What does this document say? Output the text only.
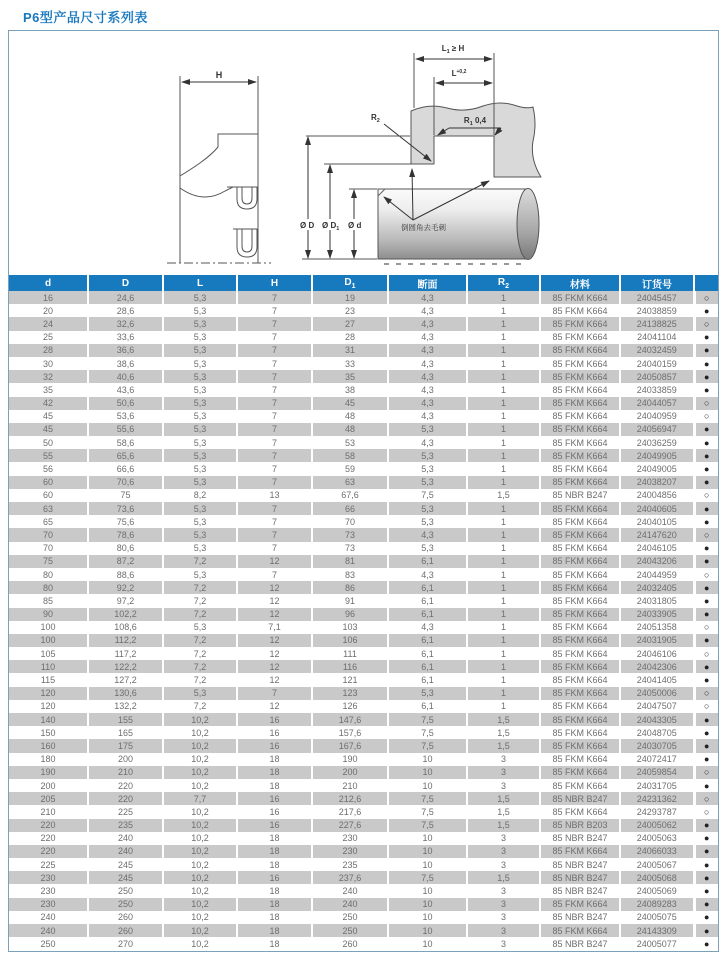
P6型产品尺寸系列表
H
$L_1 \ge H$
$L^{+0,2}$
$R_1$ 0,4
$R_2$
Ø D Ø $D_1$ Ø d	倒圆角去毛刺
d	D	L	H	$D_1$	断面	$R_2$	材料	订货号	
16	24,6	5,3	7	19	4,3	1	85 FKM K664	24045457	○
20	28,6	5,3	7	23	4,3	1	85 FKM K664	24038859	●
24	32,6	5,3	7	27	4,3	1	85 FKM K664	24138825	○
25	33,6	5,3	7	28	4,3	1	85 FKM K664	24041104	●
28	36,6	5,3	7	31	4,3	1	85 FKM K664	24032459	●
30	38,6	5,3	7	33	4,3	1	85 FKM K664	24040159	●
32	40,6	5,3	7	35	4,3	1	85 FKM K664	24050857	●
35	43,6	5,3	7	38	4,3	1	85 FKM K664	24033859	●
42	50,6	5,3	7	45	4,3	1	85 FKM K664	24044057	○
45	53,6	5,3	7	48	4,3	1	85 FKM K664	24040959	○
45	55,6	5,3	7	48	5,3	1	85 FKM K664	24056947	●
50	58,6	5,3	7	53	4,3	1	85 FKM K664	24036259	●
55	65,6	5,3	7	58	5,3	1	85 FKM K664	24049905	●
56	66,6	5,3	7	59	5,3	1	85 FKM K664	24049005	●
60	70,6	5,3	7	63	5,3	1	85 FKM K664	24038207	●
60	75	8,2	13	67,6	7,5	1,5	85 NBR B247	24004856	○
63	73,6	5,3	7	66	5,3	1	85 FKM K664	24040605	●
65	75,6	5,3	7	70	5,3	1	85 FKM K664	24040105	●
70	78,6	5,3	7	73	4,3	1	85 FKM K664	24147620	○
70	80,6	5,3	7	73	5,3	1	85 FKM K664	24046105	●
75	87,2	7,2	12	81	6,1	1	85 FKM K664	24043206	●
80	88,6	5,3	7	83	4,3	1	85 FKM K664	24044959	○
80	92,2	7,2	12	86	6,1	1	85 FKM K664	24032405	●
85	97,2	7,2	12	91	6,1	1	85 FKM K664	24031805	●
90	102,2	7,2	12	96	6,1	1	85 FKM K664	24033905	●
100	108,6	5,3	7,1	103	4,3	1	85 FKM K664	24051358	○
100	112,2	7,2	12	106	6,1	1	85 FKM K664	24031905	●
105	117,2	7,2	12	111	6,1	1	85 FKM K664	24046106	○
110	122,2	7,2	12	116	6,1	1	85 FKM K664	24042306	●
115	127,2	7,2	12	121	6,1	1	85 FKM K664	24041405	●
120	130,6	5,3	7	123	5,3	1	85 FKM K664	24050006	○
120	132,2	7,2	12	126	6,1	1	85 FKM K664	24047507	○
140	155	10,2	16	147,6	7,5	1,5	85 FKM K664	24043305	●
150	165	10,2	16	157,6	7,5	1,5	85 FKM K664	24048705	●
160	175	10,2	16	167,6	7,5	1,5	85 FKM K664	24030705	●
180	200	10,2	18	190	10	3	85 FKM K664	24072417	●
190	210	10,2	18	200	10	3	85 FKM K664	24059854	○
200	220	10,2	18	210	10	3	85 FKM K664	24031705	●
205	220	7,7	16	212,6	7,5	1,5	85 NBR B247	24231362	○
210	225	10,2	16	217,6	7,5	1,5	85 FKM K664	24293787	○
220	235	10,2	16	227,6	7,5	1,5	85 NBR B203	24005062	●
220	240	10,2	18	230	10	3	85 NBR B247	24005063	●
220	240	10,2	18	230	10	3	85 FKM K664	24066033	●
225	245	10,2	18	235	10	3	85 NBR B247	24005067	●
230	245	10,2	16	237,6	7,5	1,5	85 NBR B247	24005068	●
230	250	10,2	18	240	10	3	85 NBR B247	24005069	●
230	250	10,2	18	240	10	3	85 FKM K664	24089283	●
240	260	10,2	18	250	10	3	85 NBR B247	24005075	●
240	260	10,2	18	250	10	3	85 FKM K664	24143309	●
250	270	10,2	18	260	10	3	85 NBR B247	24005077	●
